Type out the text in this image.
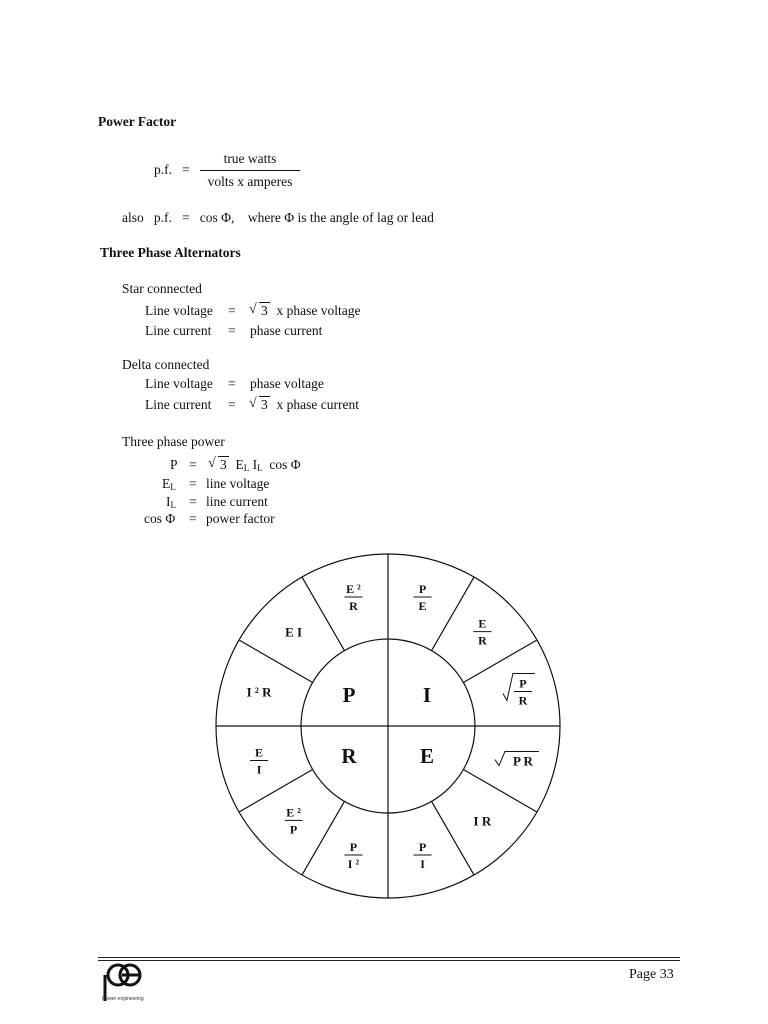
Power Factor
p.f. =
true watts
volts x amperes
also p.f. = cos Φ, where Φ is the angle of lag or lead
Three Phase Alternators
Star connected
Line voltage =	√ 3 x phase voltage
Line current = phase current
Delta connected
Line voltage = phase voltage
Line current =	√ 3 x phase current
Three phase power
P =	√ 3 $E_L$ $I_L$ cos Φ
$E_L$ = line voltage
$I_L$ = line current
cos Φ = power factor
P	I
R	E
P
E
E
R
P
R
P R
I R
P
I
P
I ²
E ²
P
E
I
I ² R
E I
E ²
R
Power engineering
Page 33
